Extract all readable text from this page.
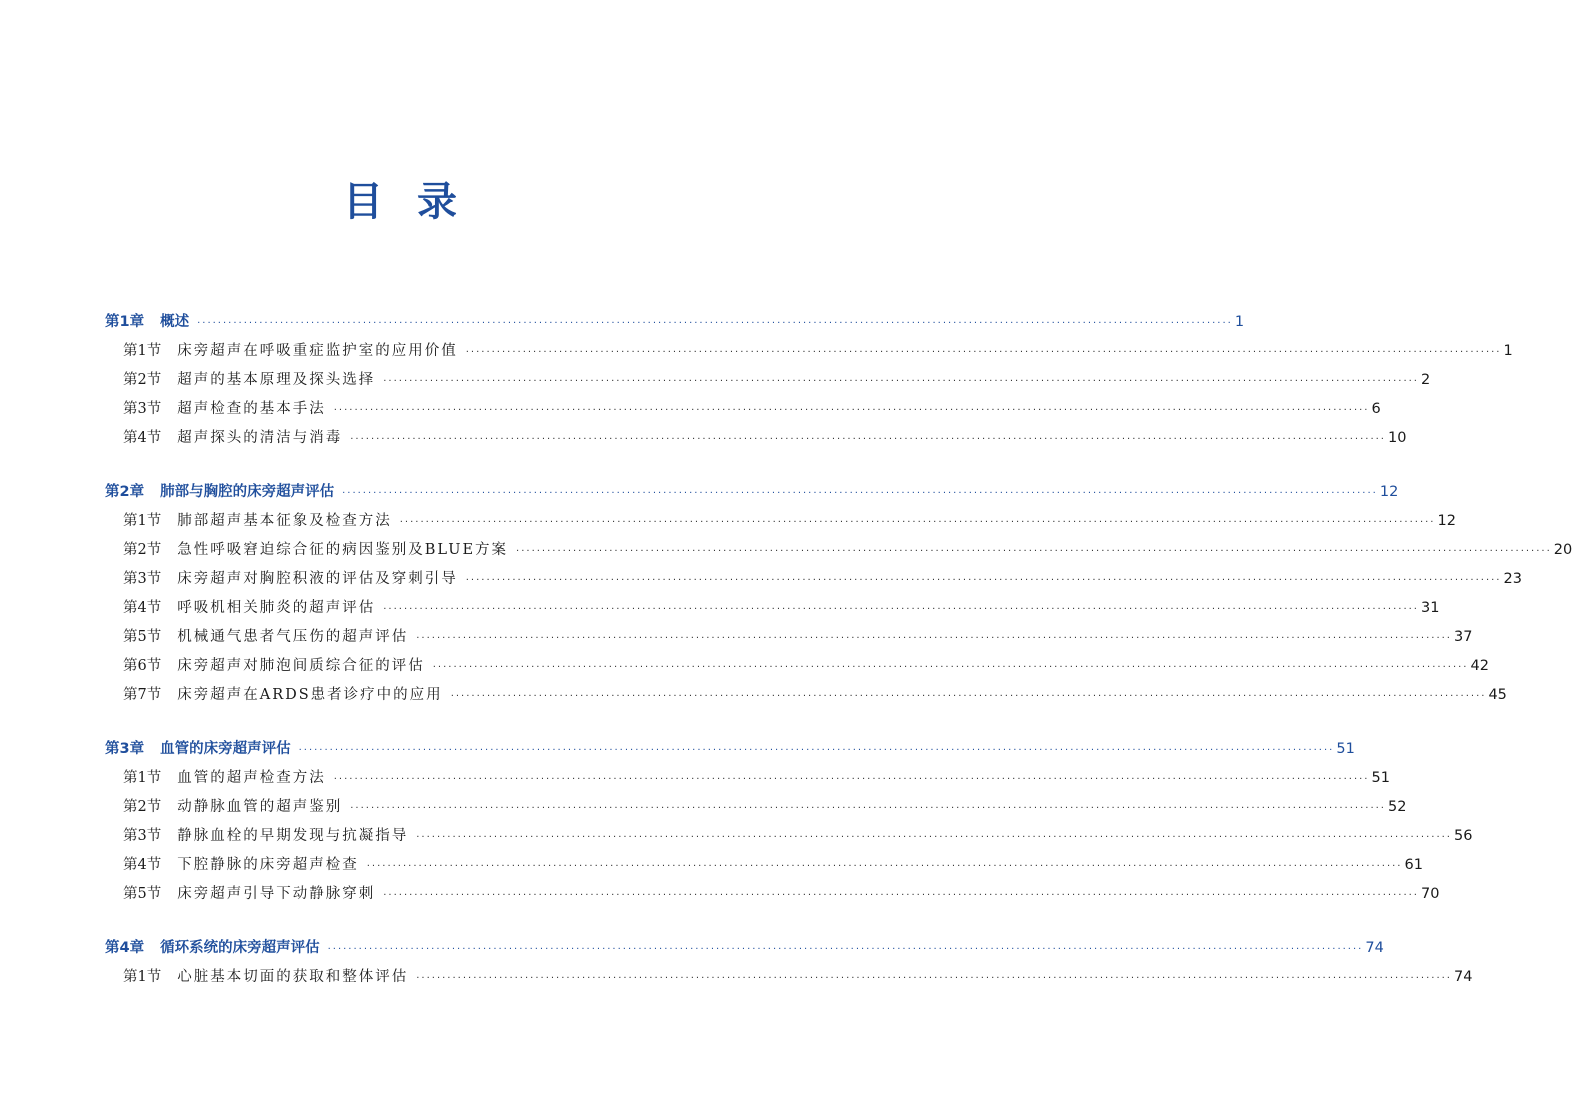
目录
第1章 概述 ········································································································································································································ 1
第1节 床旁超声在呼吸重症监护室的应用价值 ········································································································································································································ 1
第2节 超声的基本原理及探头选择 ········································································································································································································ 2
第3节 超声检查的基本手法 ········································································································································································································ 6
第4节 超声探头的清洁与消毒 ········································································································································································································ 10
第2章 肺部与胸腔的床旁超声评估 ········································································································································································································ 12
第1节 肺部超声基本征象及检查方法 ········································································································································································································ 12
第2节 急性呼吸窘迫综合征的病因鉴别及BLUE方案 ········································································································································································································ 20
第3节 床旁超声对胸腔积液的评估及穿刺引导 ········································································································································································································ 23
第4节 呼吸机相关肺炎的超声评估 ········································································································································································································ 31
第5节 机械通气患者气压伤的超声评估 ········································································································································································································ 37
第6节 床旁超声对肺泡间质综合征的评估 ········································································································································································································ 42
第7节 床旁超声在ARDS患者诊疗中的应用 ········································································································································································································ 45
第3章 血管的床旁超声评估 ········································································································································································································ 51
第1节 血管的超声检查方法 ········································································································································································································ 51
第2节 动静脉血管的超声鉴别 ········································································································································································································ 52
第3节 静脉血栓的早期发现与抗凝指导 ········································································································································································································ 56
第4节 下腔静脉的床旁超声检查 ········································································································································································································ 61
第5节 床旁超声引导下动静脉穿刺 ········································································································································································································ 70
第4章 循环系统的床旁超声评估 ········································································································································································································ 74
第1节 心脏基本切面的获取和整体评估 ········································································································································································································ 74
